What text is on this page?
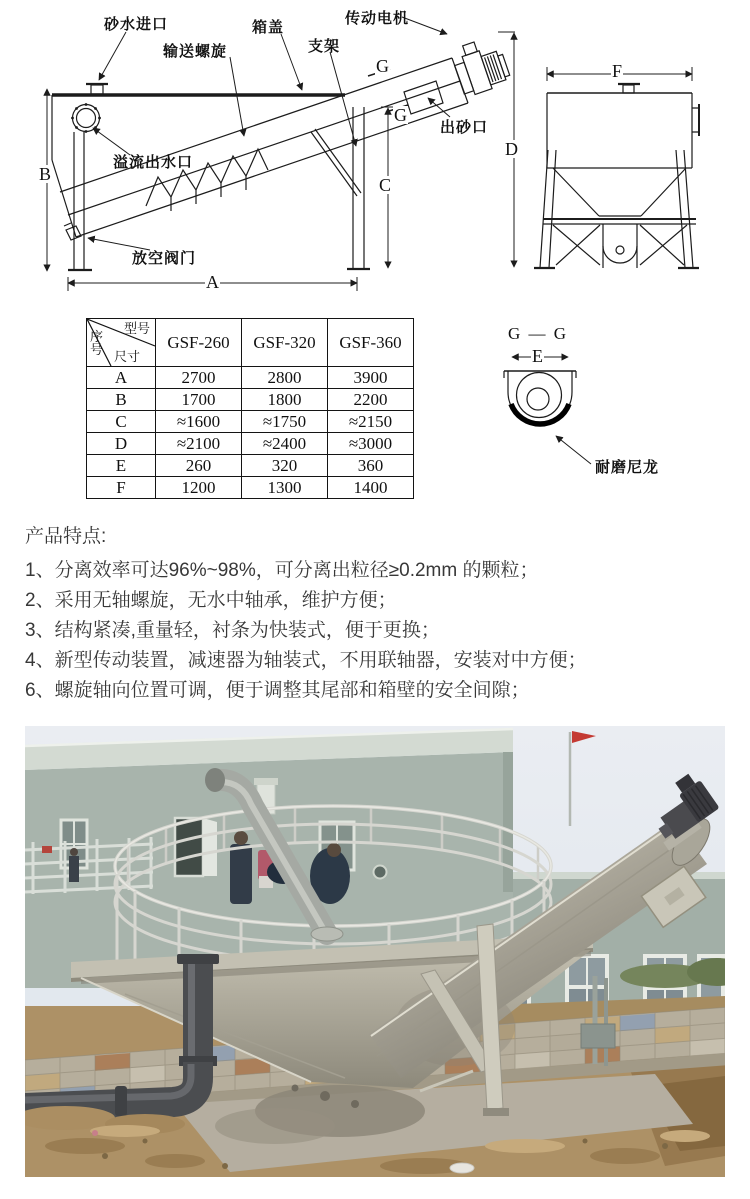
砂水进口
输送螺旋
箱盖
支架
传动电机
出砂口
溢流出水口
放空阀门
耐磨尼龙
G
G
B
A
C
D
F
E
G — G
型号
尺寸
序号	GSF-260	GSF-320	GSF-360
A	2700	2800	3900
B	1700	1800	2200
C	≈1600	≈1750	≈2150
D	≈2100	≈2400	≈3000
E	260	320	360
F	1200	1300	1400
产品特点:
1、分离效率可达96%~98%，可分离出粒径≥0.2mm 的颗粒；
2、采用无轴螺旋，无水中轴承，维护方便；
3、结构紧凑,重量轻，衬条为快装式，便于更换；
4、新型传动装置，减速器为轴装式，不用联轴器，安装对中方便；
6、螺旋轴向位置可调，便于调整其尾部和箱壁的安全间隙；
